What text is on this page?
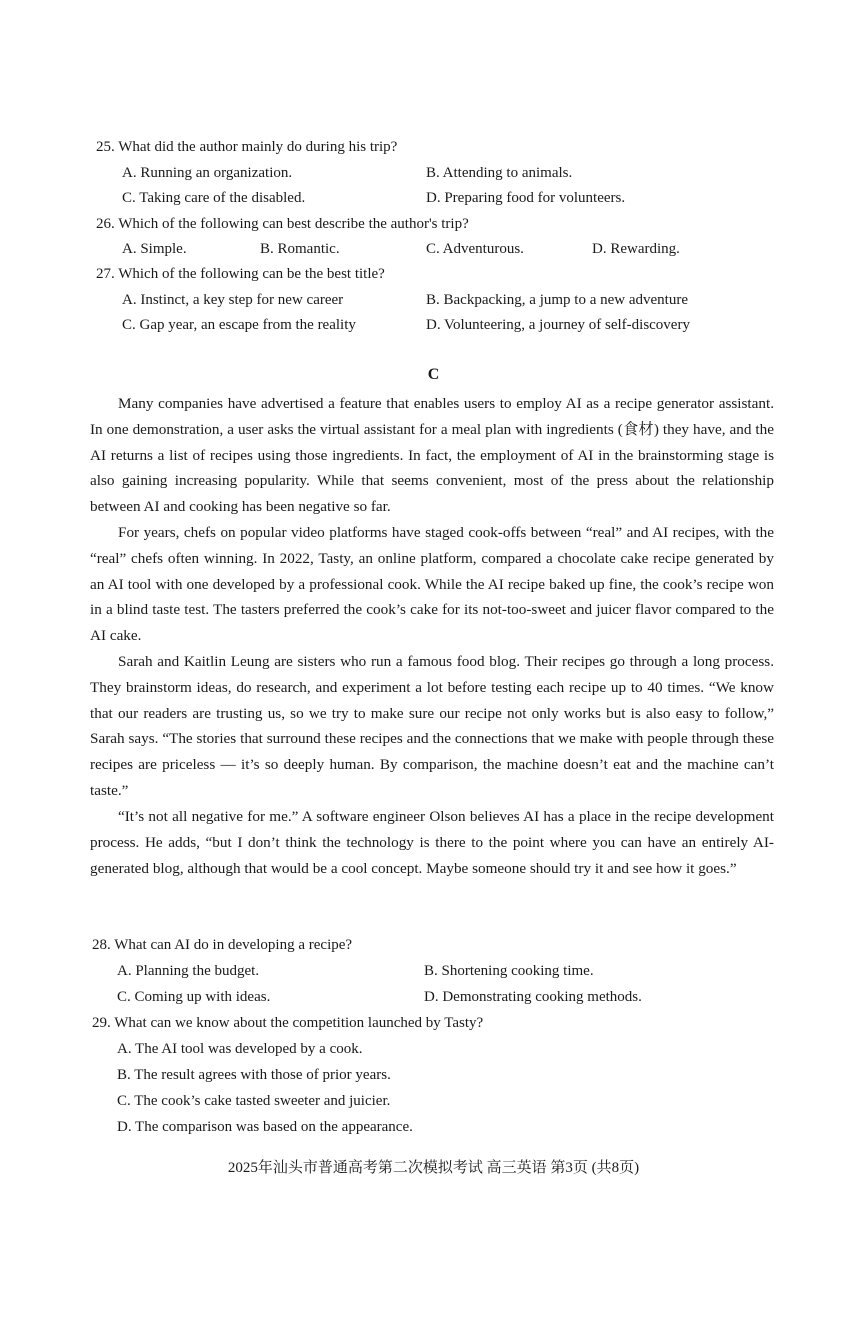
25. What did the author mainly do during his trip?
A. Running an organization.	B. Attending to animals.
C. Taking care of the disabled.	D. Preparing food for volunteers.
26. Which of the following can best describe the author's trip?
A. Simple.	B. Romantic.	C. Adventurous.	D. Rewarding.
27. Which of the following can be the best title?
A. Instinct, a key step for new career	B. Backpacking, a jump to a new adventure
C. Gap year, an escape from the reality	D. Volunteering, a journey of self-discovery
C

Many companies have advertised a feature that enables users to employ AI as a recipe generator assistant. In one demonstration, a user asks the virtual assistant for a meal plan with ingredients (食材) they have, and the AI returns a list of recipes using those ingredients. In fact, the employment of AI in the brainstorming stage is also gaining increasing popularity. While that seems convenient, most of the press about the relationship between AI and cooking has been negative so far.

For years, chefs on popular video platforms have staged cook-offs between “real” and AI recipes, with the “real” chefs often winning. In 2022, Tasty, an online platform, compared a chocolate cake recipe generated by an AI tool with one developed by a professional cook. While the AI recipe baked up fine, the cook’s recipe won in a blind taste test. The tasters preferred the cook’s cake for its not-too-sweet and juicer flavor compared to the AI cake.

Sarah and Kaitlin Leung are sisters who run a famous food blog. Their recipes go through a long process. They brainstorm ideas, do research, and experiment a lot before testing each recipe up to 40 times. “We know that our readers are trusting us, so we try to make sure our recipe not only works but is also easy to follow,” Sarah says. “The stories that surround these recipes and the connections that we make with people through these recipes are priceless — it’s so deeply human. By comparison, the machine doesn’t eat and the machine can’t taste.”

“It’s not all negative for me.” A software engineer Olson believes AI has a place in the recipe development process. He adds, “but I don’t think the technology is there to the point where you can have an entirely AI-generated blog, although that would be a cool concept. Maybe someone should try it and see how it goes.”

28. What can AI do in developing a recipe?
A. Planning the budget.	B. Shortening cooking time.
C. Coming up with ideas.	D. Demonstrating cooking methods.
29. What can we know about the competition launched by Tasty?
A. The AI tool was developed by a cook.
B. The result agrees with those of prior years.
C. The cook’s cake tasted sweeter and juicier.
D. The comparison was based on the appearance.
2025年汕头市普通高考第二次模拟考试 高三英语 第3页 (共8页)
